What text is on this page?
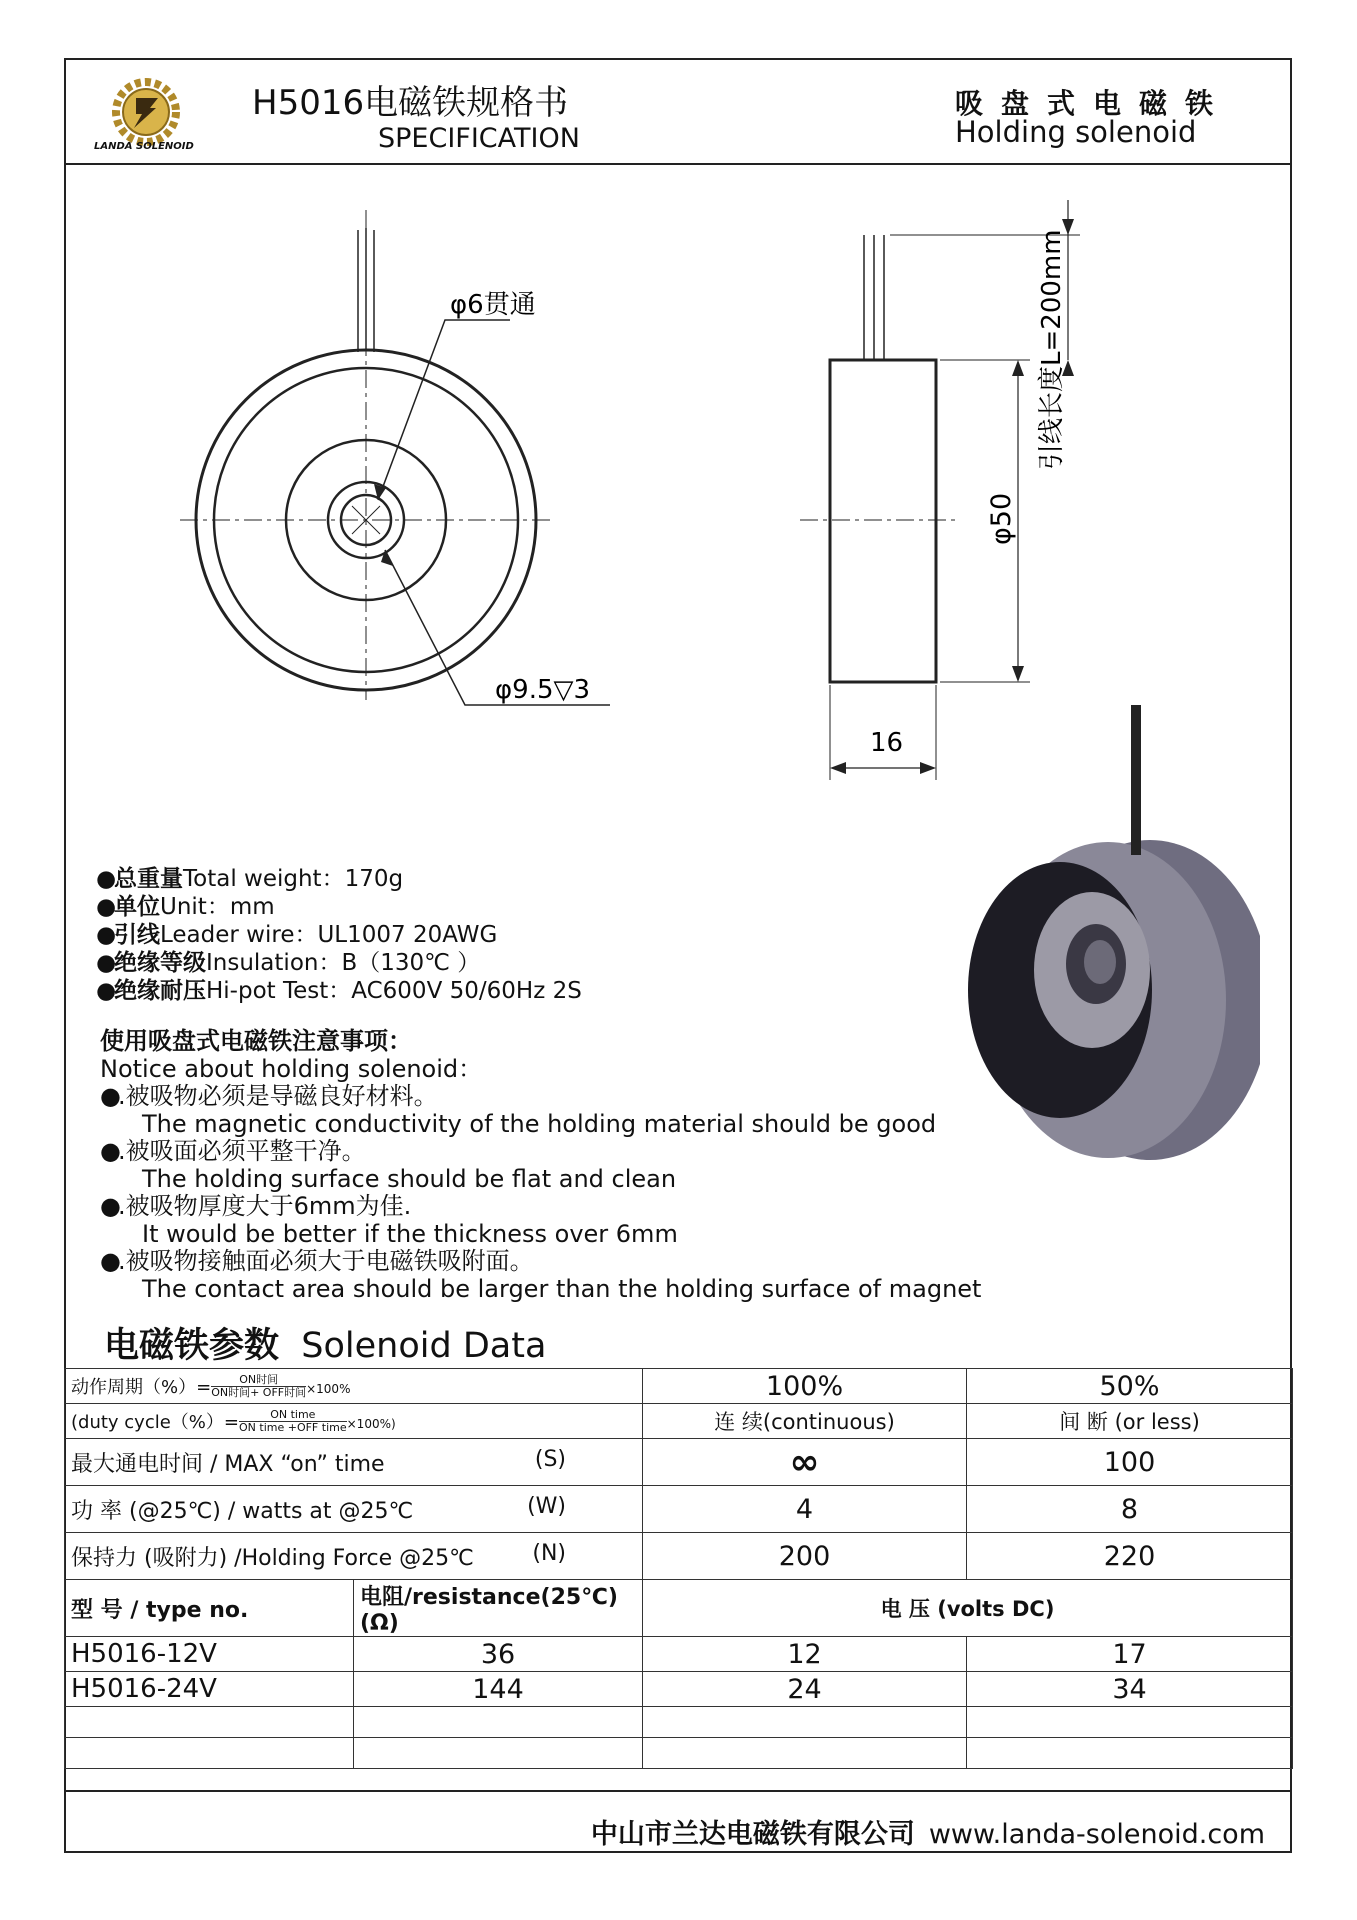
LANDA SOLENOID
H5016电磁铁规格书
SPECIFICATION
吸盘式电磁铁
Holding solenoid
φ6贯通
φ9.5▽3
φ50
引线长度L=200mm
16
●总重量Total weight：170g
●单位Unit：mm
●引线Leader wire：UL1007 20AWG
●绝缘等级Insulation：B（130℃ ）
●绝缘耐压Hi-pot Test：AC600V 50/60Hz 2S
使用吸盘式电磁铁注意事项：
Notice about holding solenoid：
●.被吸物必须是导磁良好材料。
The magnetic conductivity of the holding material should be good
●.被吸面必须平整干净。
The holding surface should be flat and clean
●.被吸物厚度大于6mm为佳.
It would be better if the thickness over 6mm
●.被吸物接触面必须大于电磁铁吸附面。
The contact area should be larger than the holding surface of magnet
电磁铁参数 Solenoid Data
动作周期（%）= $\frac{\text{ON时间}}{\text{ON时间+ OFF时间}}\times 100\%$		100%	50%
(duty cycle（%）= $\frac{\text{ON time}}{\text{ON time +OFF time}}\times 100\%$)		连 续(continuous)	间 断 (or less)
最大通电时间 / MAX “on” time (S)		∞	100
功 率 (@25℃) / watts at @25℃ (W)		4	8
保持力 (吸附力) /Holding Force @25℃ (N)		200	220
型 号 / type no.	电阻/resistance(25℃)(Ω)	电 压 (volts DC)	
H5016-12V	36	12	17
H5016-24V	144	24	34

中山市兰达电磁铁有限公司 www.landa-solenoid.com
